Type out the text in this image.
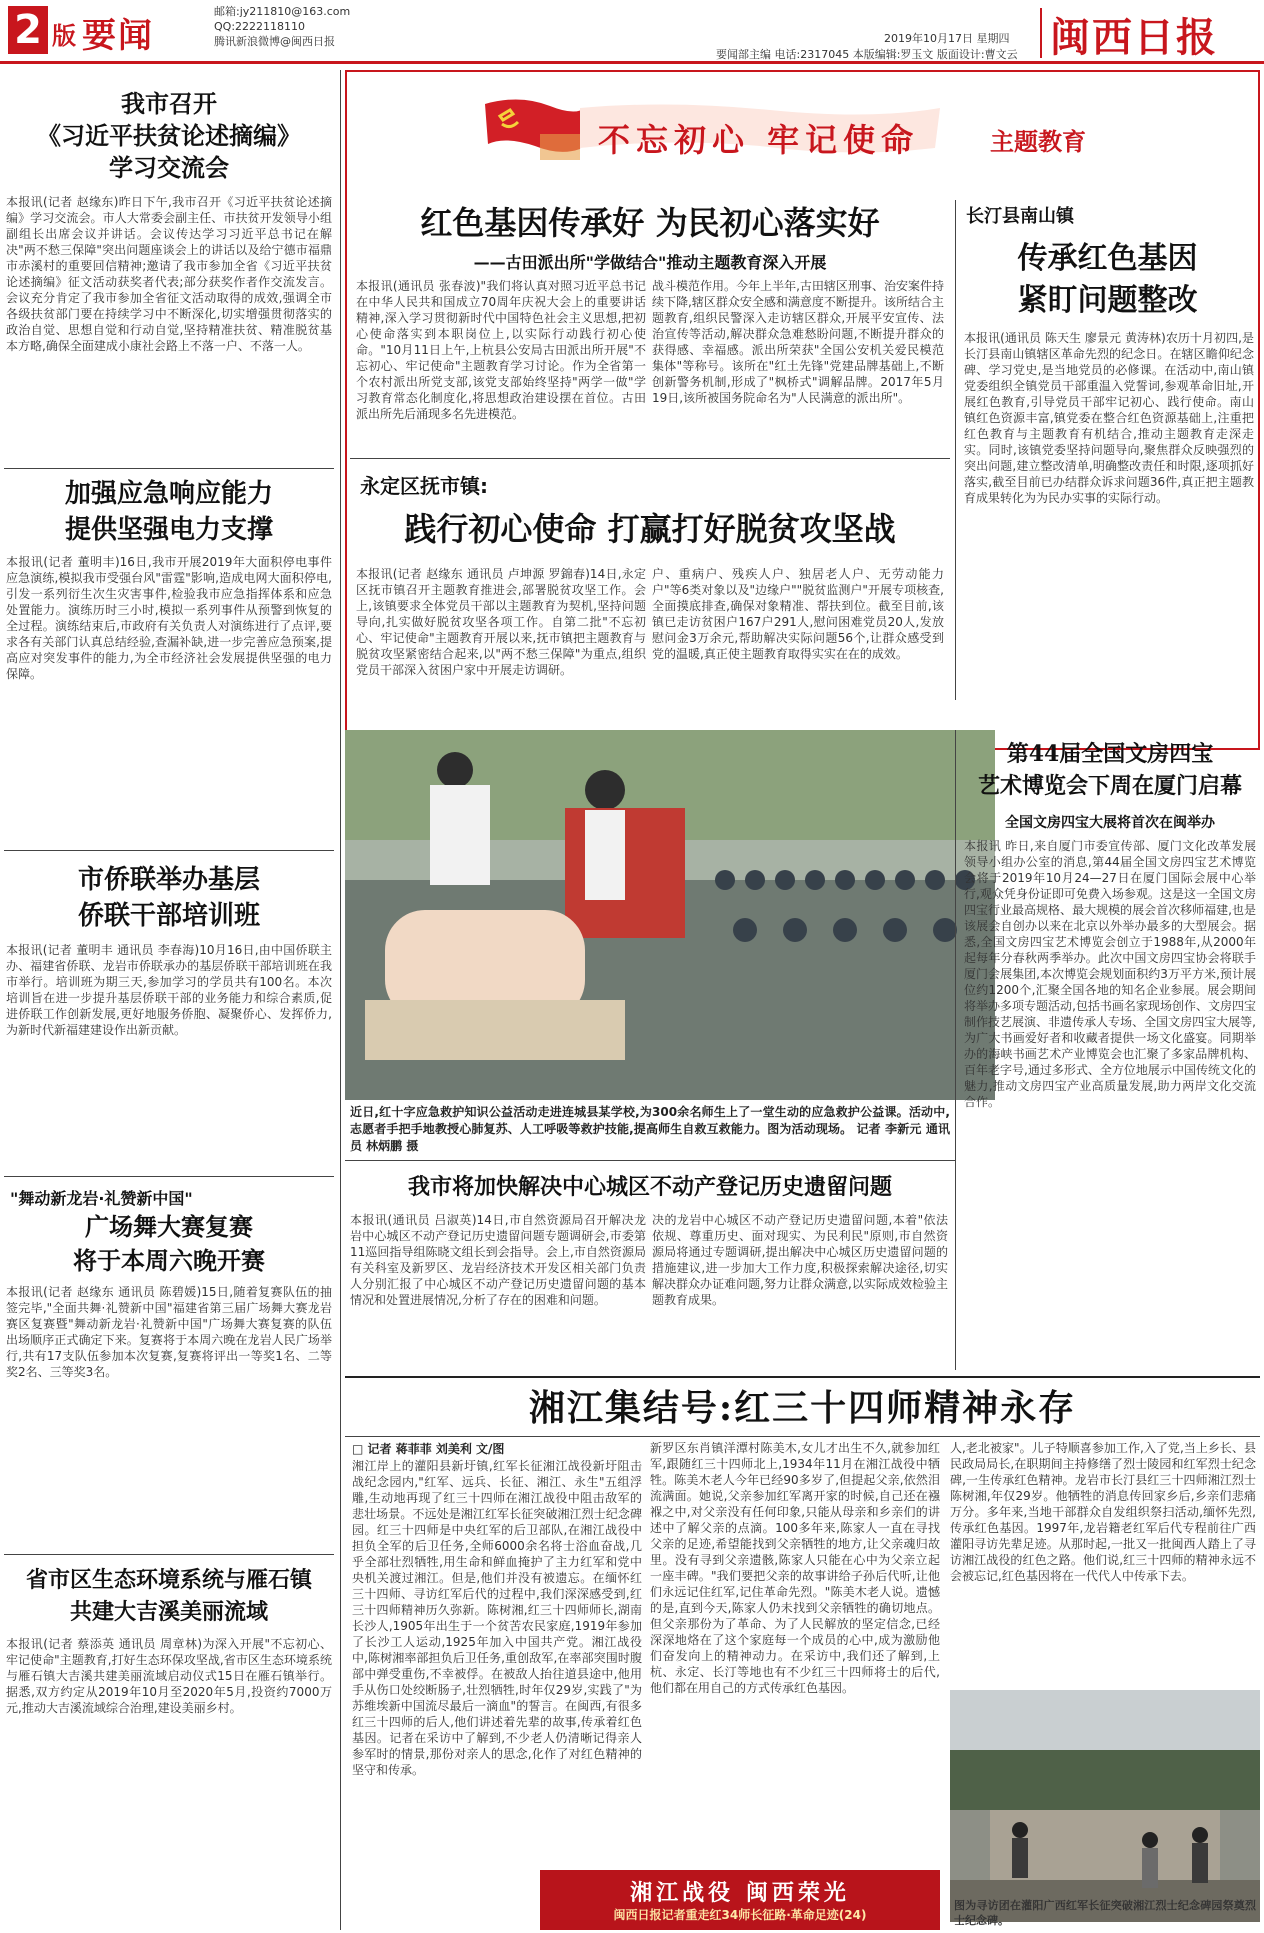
2 版 要闻
邮箱:jy211810@163.com
QQ:2222118110
腾讯新浪微博@闽西日报	2019年10月17日 星期四
要闻部主编 电话:2317045 本版编辑:罗玉文 版面设计:曹文云 闽西日报
我市召开
《习近平扶贫论述摘编》
学习交流会
本报讯(记者 赵缘东)昨日下午,我市召开《习近平扶贫论述摘编》学习交流会。市人大常委会副主任、市扶贫开发领导小组副组长出席会议并讲话。会议传达学习习近平总书记在解决"两不愁三保障"突出问题座谈会上的讲话以及给宁德市福鼎市赤溪村的重要回信精神;邀请了我市参加全省《习近平扶贫论述摘编》征文活动获奖者代表;部分获奖作者作交流发言。会议充分肯定了我市参加全省征文活动取得的成效,强调全市各级扶贫部门要在持续学习中不断深化,切实增强贯彻落实的政治自觉、思想自觉和行动自觉,坚持精准扶贫、精准脱贫基本方略,确保全面建成小康社会路上不落一户、不落一人。
加强应急响应能力
提供坚强电力支撑
本报讯(记者 董明丰)16日,我市开展2019年大面积停电事件应急演练,模拟我市受强台风"雷霆"影响,造成电网大面积停电,引发一系列衍生次生灾害事件,检验我市应急指挥体系和应急处置能力。演练历时三小时,模拟一系列事件从预警到恢复的全过程。演练结束后,市政府有关负责人对演练进行了点评,要求各有关部门认真总结经验,查漏补缺,进一步完善应急预案,提高应对突发事件的能力,为全市经济社会发展提供坚强的电力保障。
市侨联举办基层
侨联干部培训班
本报讯(记者 董明丰 通讯员 李春海)10月16日,由中国侨联主办、福建省侨联、龙岩市侨联承办的基层侨联干部培训班在我市举行。培训班为期三天,参加学习的学员共有100名。本次培训旨在进一步提升基层侨联干部的业务能力和综合素质,促进侨联工作创新发展,更好地服务侨胞、凝聚侨心、发挥侨力,为新时代新福建建设作出新贡献。
"舞动新龙岩·礼赞新中国"
广场舞大赛复赛
将于本周六晚开赛
本报讯(记者 赵缘东 通讯员 陈碧媛)15日,随着复赛队伍的抽签完毕,"全面共舞·礼赞新中国"福建省第三届广场舞大赛龙岩赛区复赛暨"舞动新龙岩·礼赞新中国"广场舞大赛复赛的队伍出场顺序正式确定下来。复赛将于本周六晚在龙岩人民广场举行,共有17支队伍参加本次复赛,复赛将评出一等奖1名、二等奖2名、三等奖3名。
省市区生态环境系统与雁石镇
共建大吉溪美丽流域
本报讯(记者 蔡添英 通讯员 周章林)为深入开展"不忘初心、牢记使命"主题教育,打好生态环保攻坚战,省市区生态环境系统与雁石镇大吉溪共建美丽流域启动仪式15日在雁石镇举行。据悉,双方约定从2019年10月至2020年5月,投资约7000万元,推动大吉溪流域综合治理,建设美丽乡村。
不忘初心 牢记使命	主题教育
红色基因传承好 为民初心落实好
——古田派出所"学做结合"推动主题教育深入开展
本报讯(通讯员 张春波)"我们将认真对照习近平总书记在中华人民共和国成立70周年庆祝大会上的重要讲话精神,深入学习贯彻新时代中国特色社会主义思想,把初心使命落实到本职岗位上,以实际行动践行初心使命。"10月11日上午,上杭县公安局古田派出所开展"不忘初心、牢记使命"主题教育学习讨论。作为全省第一个农村派出所党支部,该党支部始终坚持"两学一做"学习教育常态化制度化,将思想政治建设摆在首位。古田派出所先后涌现多名先进模范。
战斗模范作用。今年上半年,古田辖区刑事、治安案件持续下降,辖区群众安全感和满意度不断提升。该所结合主题教育,组织民警深入走访辖区群众,开展平安宣传、法治宣传等活动,解决群众急难愁盼问题,不断提升群众的获得感、幸福感。派出所荣获"全国公安机关爱民模范集体"等称号。该所在"红土先锋"党建品牌基础上,不断创新警务机制,形成了"枫桥式"调解品牌。2017年5月19日,该所被国务院命名为"人民满意的派出所"。
永定区抚市镇:
践行初心使命 打赢打好脱贫攻坚战
本报讯(记者 赵缘东 通讯员 卢坤源 罗錦春)14日,永定区抚市镇召开主题教育推进会,部署脱贫攻坚工作。会上,该镇要求全体党员干部以主题教育为契机,坚持问题导向,扎实做好脱贫攻坚各项工作。自第二批"不忘初心、牢记使命"主题教育开展以来,抚市镇把主题教育与脱贫攻坚紧密结合起来,以"两不愁三保障"为重点,组织党员干部深入贫困户家中开展走访调研。
户、重病户、残疾人户、独居老人户、无劳动能力户"等6类对象以及"边缘户""脱贫监测户"开展专项核查,全面摸底排查,确保对象精准、帮扶到位。截至目前,该镇已走访贫困户167户291人,慰问困难党员20人,发放慰问金3万余元,帮助解决实际问题56个,让群众感受到党的温暖,真正使主题教育取得实实在在的成效。
长汀县南山镇
传承红色基因
紧盯问题整改
本报讯(通讯员 陈天生 廖景元 黄涛林)农历十月初四,是长汀县南山镇辖区革命先烈的纪念日。在辖区瞻仰纪念碑、学习党史,是当地党员的必修课。在活动中,南山镇党委组织全镇党员干部重温入党誓词,参观革命旧址,开展红色教育,引导党员干部牢记初心、践行使命。南山镇红色资源丰富,镇党委在整合红色资源基础上,注重把红色教育与主题教育有机结合,推动主题教育走深走实。同时,该镇党委坚持问题导向,聚焦群众反映强烈的突出问题,建立整改清单,明确整改责任和时限,逐项抓好落实,截至目前已办结群众诉求问题36件,真正把主题教育成果转化为为民办实事的实际行动。
近日,红十字应急救护知识公益活动走进连城县某学校,为300余名师生上了一堂生动的应急救护公益课。活动中,志愿者手把手地教授心肺复苏、人工呼吸等救护技能,提高师生自救互救能力。图为活动现场。 记者 李新元 通讯员 林炳鹏 摄
我市将加快解决中心城区不动产登记历史遗留问题
本报讯(通讯员 吕淑英)14日,市自然资源局召开解决龙岩中心城区不动产登记历史遗留问题专题调研会,市委第11巡回指导组陈晓文组长到会指导。会上,市自然资源局有关科室及新罗区、龙岩经济技术开发区相关部门负责人分别汇报了中心城区不动产登记历史遗留问题的基本情况和处置进展情况,分析了存在的困难和问题。
决的龙岩中心城区不动产登记历史遗留问题,本着"依法依规、尊重历史、面对现实、为民利民"原则,市自然资源局将通过专题调研,提出解决中心城区历史遗留问题的措施建议,进一步加大工作力度,积极探索解决途径,切实解决群众办证难问题,努力让群众满意,以实际成效检验主题教育成果。
第44届全国文房四宝
艺术博览会下周在厦门启幕
全国文房四宝大展将首次在闽举办
本报讯 昨日,来自厦门市委宣传部、厦门文化改革发展领导小组办公室的消息,第44届全国文房四宝艺术博览会将于2019年10月24—27日在厦门国际会展中心举行,观众凭身份证即可免费入场参观。这是这一全国文房四宝行业最高规格、最大规模的展会首次移师福建,也是该展会自创办以来在北京以外举办最多的大型展会。据悉,全国文房四宝艺术博览会创立于1988年,从2000年起每年分春秋两季举办。此次中国文房四宝协会将联手厦门会展集团,本次博览会规划面积约3万平方米,预计展位约1200个,汇聚全国各地的知名企业参展。展会期间将举办多项专题活动,包括书画名家现场创作、文房四宝制作技艺展演、非遗传承人专场、全国文房四宝大展等,为广大书画爱好者和收藏者提供一场文化盛宴。同期举办的海峡书画艺术产业博览会也汇聚了多家品牌机构、百年老字号,通过多形式、全方位地展示中国传统文化的魅力,推动文房四宝产业高质量发展,助力两岸文化交流合作。
湘江集结号:红三十四师精神永存
□ 记者 蒋菲菲 刘美利 文/图
湘江岸上的灌阳县新圩镇,红军长征湘江战役新圩阻击战纪念园内,"红军、远兵、长征、湘江、永生"五组浮雕,生动地再现了红三十四师在湘江战役中阻击敌军的悲壮场景。不远处是湘江红军长征突破湘江烈士纪念碑园。红三十四师是中央红军的后卫部队,在湘江战役中担负全军的后卫任务,全师6000余名将士浴血奋战,几乎全部壮烈牺牲,用生命和鲜血掩护了主力红军和党中央机关渡过湘江。但是,他们并没有被遗忘。在缅怀红三十四师、寻访红军后代的过程中,我们深深感受到,红三十四师精神历久弥新。陈树湘,红三十四师师长,湖南长沙人,1905年出生于一个贫苦农民家庭,1919年参加了长沙工人运动,1925年加入中国共产党。湘江战役中,陈树湘率部担负后卫任务,重创敌军,在率部突围时腹部中弹受重伤,不幸被俘。在被敌人抬往道县途中,他用手从伤口处绞断肠子,壮烈牺牲,时年仅29岁,实践了"为苏维埃新中国流尽最后一滴血"的誓言。在闽西,有很多红三十四师的后人,他们讲述着先辈的故事,传承着红色基因。记者在采访中了解到,不少老人仍清晰记得亲人参军时的情景,那份对亲人的思念,化作了对红色精神的坚守和传承。
新罗区东肖镇洋潭村陈美木,女儿才出生不久,就参加红军,跟随红三十四师北上,1934年11月在湘江战役中牺牲。陈美木老人今年已经90多岁了,但提起父亲,依然泪流满面。她说,父亲参加红军离开家的时候,自己还在襁褓之中,对父亲没有任何印象,只能从母亲和乡亲们的讲述中了解父亲的点滴。100多年来,陈家人一直在寻找父亲的足迹,希望能找到父亲牺牲的地方,让父亲魂归故里。没有寻到父亲遗骸,陈家人只能在心中为父亲立起一座丰碑。"我们要把父亲的故事讲给子孙后代听,让他们永远记住红军,记住革命先烈。"陈美木老人说。遗憾的是,直到今天,陈家人仍未找到父亲牺牲的确切地点。但父亲那份为了革命、为了人民解放的坚定信念,已经深深地烙在了这个家庭每一个成员的心中,成为激励他们奋发向上的精神动力。在采访中,我们还了解到,上杭、永定、长汀等地也有不少红三十四师将士的后代,他们都在用自己的方式传承红色基因。
人,老北被家"。儿子特顺喜参加工作,入了党,当上乡长、县民政局局长,在职期间主持修缮了烈士陵园和红军烈士纪念碑,一生传承红色精神。龙岩市长汀县红三十四师湘江烈士陈树湘,年仅29岁。他牺牲的消息传回家乡后,乡亲们悲痛万分。多年来,当地干部群众自发组织祭扫活动,缅怀先烈,传承红色基因。1997年,龙岩籍老红军后代专程前往广西灌阳寻访先辈足迹。从那时起,一批又一批闽西人踏上了寻访湘江战役的红色之路。他们说,红三十四师的精神永远不会被忘记,红色基因将在一代代人中传承下去。
图为寻访团在灌阳广西红军长征突破湘江烈士纪念碑园祭奠烈士纪念碑。
湘江战役 闽西荣光
闽西日报记者重走红34师长征路·革命足迹(24)
